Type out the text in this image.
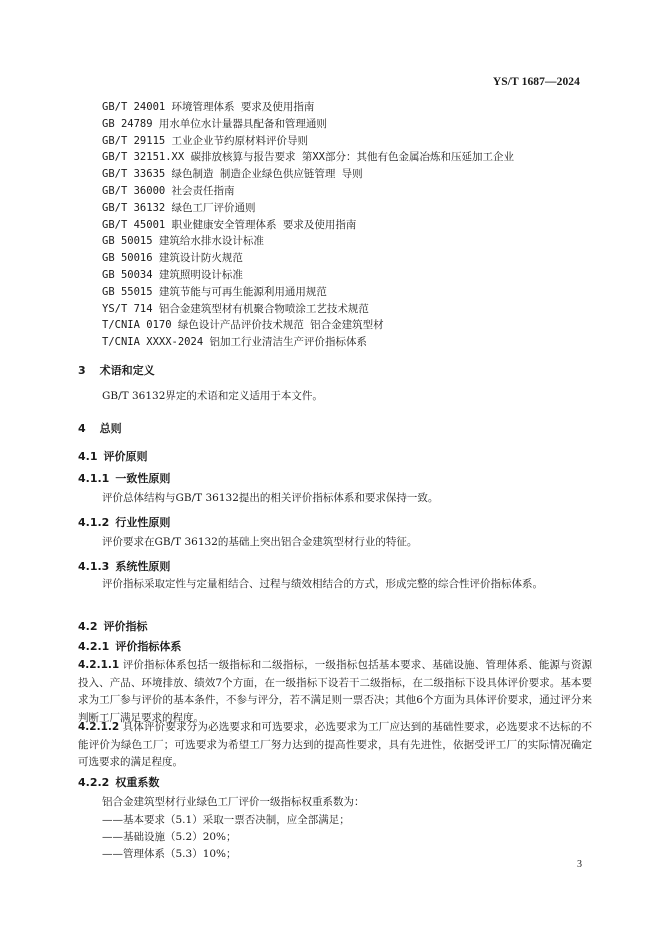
YS/T 1687—2024
GB/T 24001 环境管理体系 要求及使用指南
GB 24789 用水单位水计量器具配备和管理通则
GB/T 29115 工业企业节约原材料评价导则
GB/T 32151.XX 碳排放核算与报告要求 第XX部分：其他有色金属冶炼和压延加工企业
GB/T 33635 绿色制造 制造企业绿色供应链管理 导则
GB/T 36000 社会责任指南
GB/T 36132 绿色工厂评价通则
GB/T 45001 职业健康安全管理体系 要求及使用指南
GB 50015 建筑给水排水设计标准
GB 50016 建筑设计防火规范
GB 50034 建筑照明设计标准
GB 55015 建筑节能与可再生能源利用通用规范
YS/T 714 铝合金建筑型材有机聚合物喷涂工艺技术规范
T/CNIA 0170 绿色设计产品评价技术规范 铝合金建筑型材
T/CNIA XXXX-2024 铝加工行业清洁生产评价指标体系
3 术语和定义
GB/T 36132界定的术语和定义适用于本文件。
4 总则
4.1 评价原则
4.1.1 一致性原则
评价总体结构与GB/T 36132提出的相关评价指标体系和要求保持一致。
4.1.2 行业性原则
评价要求在GB/T 36132的基础上突出铝合金建筑型材行业的特征。
4.1.3 系统性原则
评价指标采取定性与定量相结合、过程与绩效相结合的方式，形成完整的综合性评价指标体系。
4.2 评价指标
4.2.1 评价指标体系
4.2.1.1 评价指标体系包括一级指标和二级指标，一级指标包括基本要求、基础设施、管理体系、能源与资源投入、产品、环境排放、绩效7个方面，在一级指标下设若干二级指标，在二级指标下设具体评价要求。基本要求为工厂参与评价的基本条件，不参与评分，若不满足则一票否决；其他6个方面为具体评价要求，通过评分来判断工厂满足要求的程度。
4.2.1.2 具体评价要求分为必选要求和可选要求，必选要求为工厂应达到的基础性要求，必选要求不达标的不能评价为绿色工厂；可选要求为希望工厂努力达到的提高性要求，具有先进性，依据受评工厂的实际情况确定可选要求的满足程度。
4.2.2 权重系数
铝合金建筑型材行业绿色工厂评价一级指标权重系数为：
——基本要求（5.1）采取一票否决制，应全部满足；
——基础设施（5.2）20%；
——管理体系（5.3）10%；
3
